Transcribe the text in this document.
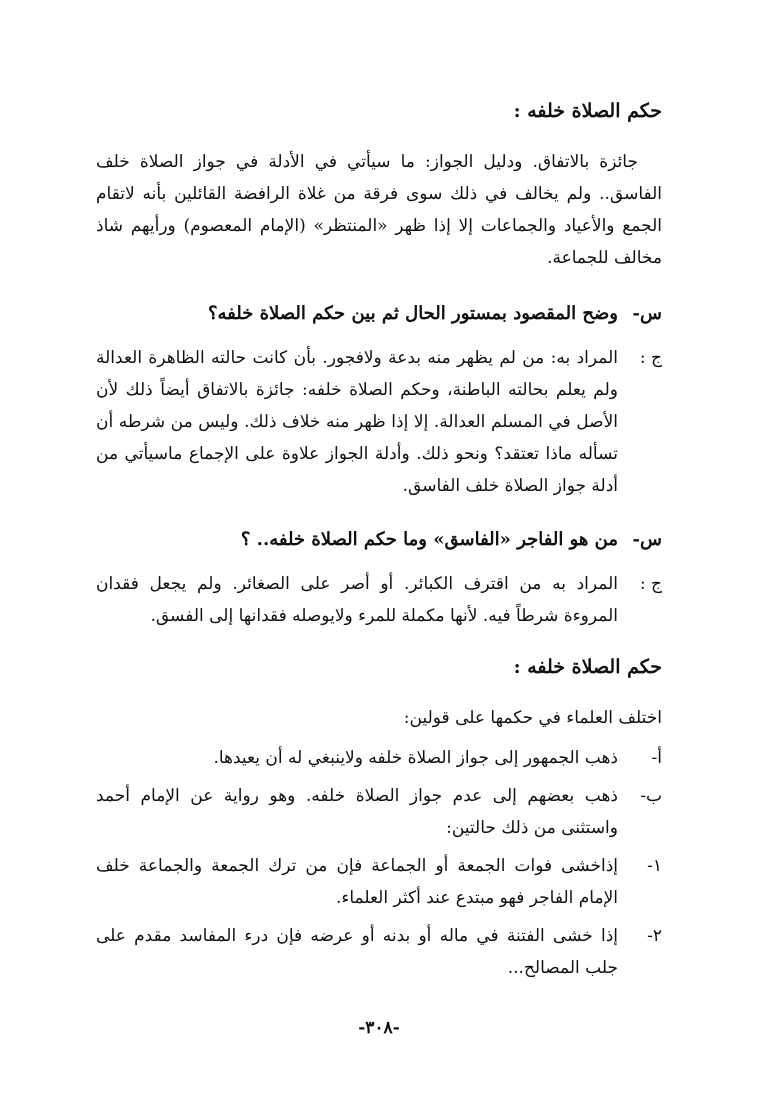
حكم الصلاة خلفه :

جائزة بالاتفاق. ودليل الجواز: ما سيأتي في الأدلة في جواز الصلاة خلف الفاسق.. ولم يخالف في ذلك سوى فرقة من غلاة الرافضة القائلين بأنه لاتقام الجمع والأعياد والجماعات إلا إذا ظهر «المنتظر» (الإمام المعصوم) ورأيهم شاذ مخالف للجماعة.

س-
وضح المقصود بمستور الحال ثم بين حكم الصلاة خلفه؟
ج :
المراد به: من لم يظهر منه بدعة ولافجور. بأن كانت حالته الظاهرة العدالة ولم يعلم بحالته الباطنة، وحكم الصلاة خلفه: جائزة بالاتفاق أيضاً ذلك لأن الأصل في المسلم العدالة. إلا إذا ظهر منه خلاف ذلك. وليس من شرطه أن تسأله ماذا تعتقد؟ ونحو ذلك. وأدلة الجواز علاوة على الإجماع ماسيأتي من أدلة جواز الصلاة خلف الفاسق.
س-
من هو الفاجر «الفاسق» وما حكم الصلاة خلفه.. ؟
ج :
المراد به من اقترف الكبائر. أو أصر على الصغائر. ولم يجعل فقدان المروءة شرطاً فيه. لأنها مكملة للمرء ولايوصله فقدانها إلى الفسق.

حكم الصلاة خلفه :

اختلف العلماء في حكمها على قولين:

أ-
ذهب الجمهور إلى جواز الصلاة خلفه ولاينبغي له أن يعيدها.
ب-
ذهب بعضهم إلى عدم جواز الصلاة خلفه. وهو رواية عن الإمام أحمد واستثنى من ذلك حالتين:
١-
إذاخشى فوات الجمعة أو الجماعة فإن من ترك الجمعة والجماعة خلف الإمام الفاجر فهو مبتدع عند أكثر العلماء.
٢-
إذا خشى الفتنة في ماله أو بدنه أو عرضه فإن درء المفاسد مقدم على جلب المصالح...
-٣٠٨-
